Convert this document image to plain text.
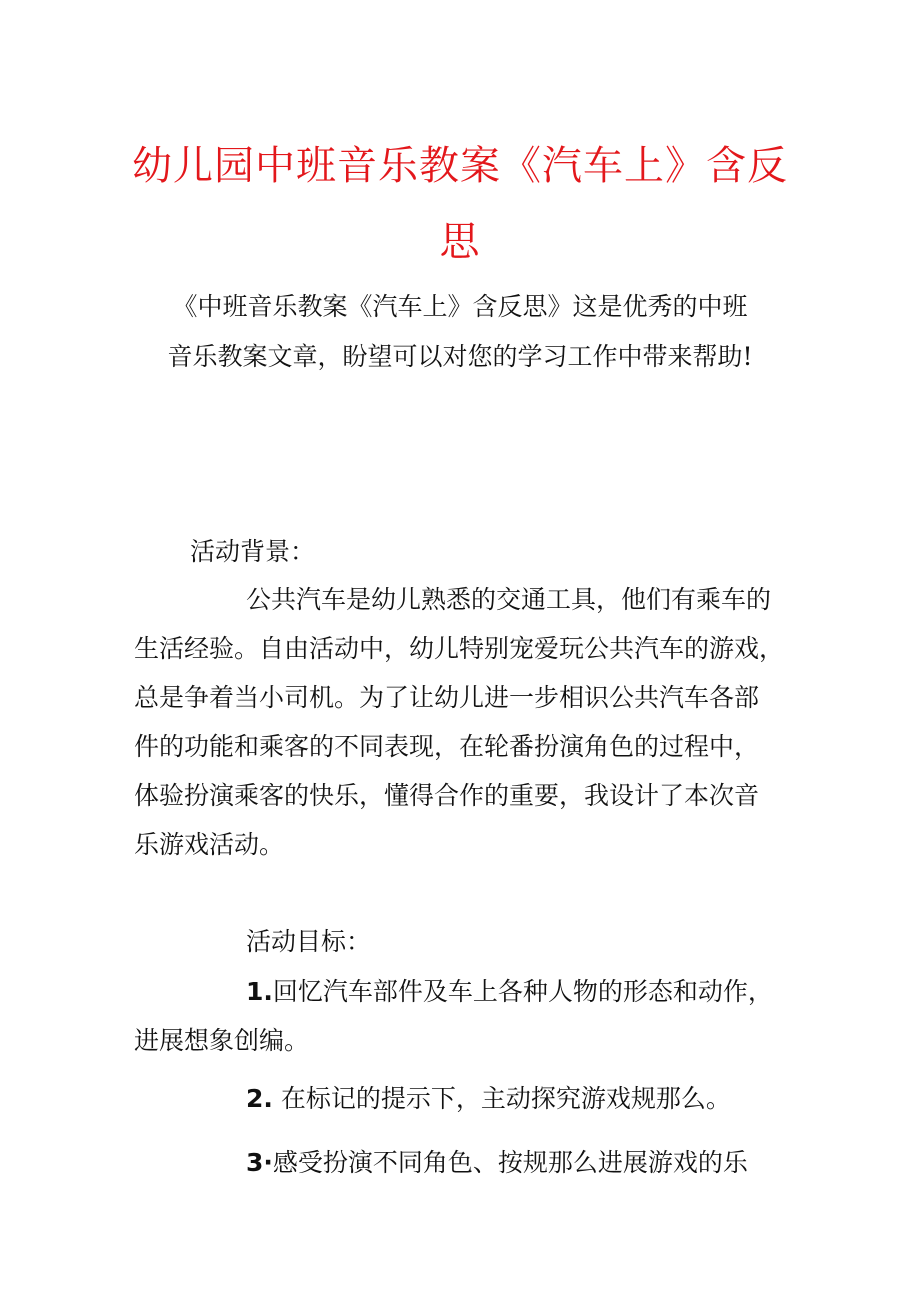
幼儿园中班音乐教案《汽车上》含反
思
《中班音乐教案《汽车上》含反思》这是优秀的中班
音乐教案文章，盼望可以对您的学习工作中带来帮助!
活动背景：
公共汽车是幼儿熟悉的交通工具，他们有乘车的
生活经验。自由活动中，幼儿特别宠爱玩公共汽车的游戏，
总是争着当小司机。为了让幼儿进一步相识公共汽车各部
件的功能和乘客的不同表现，在轮番扮演角色的过程中，
体验扮演乘客的快乐，懂得合作的重要，我设计了本次音
乐游戏活动。
活动目标：
1.回忆汽车部件及车上各种人物的形态和动作，
进展想象创编。
2. 在标记的提示下，主动探究游戏规那么。
3·感受扮演不同角色、按规那么进展游戏的乐
